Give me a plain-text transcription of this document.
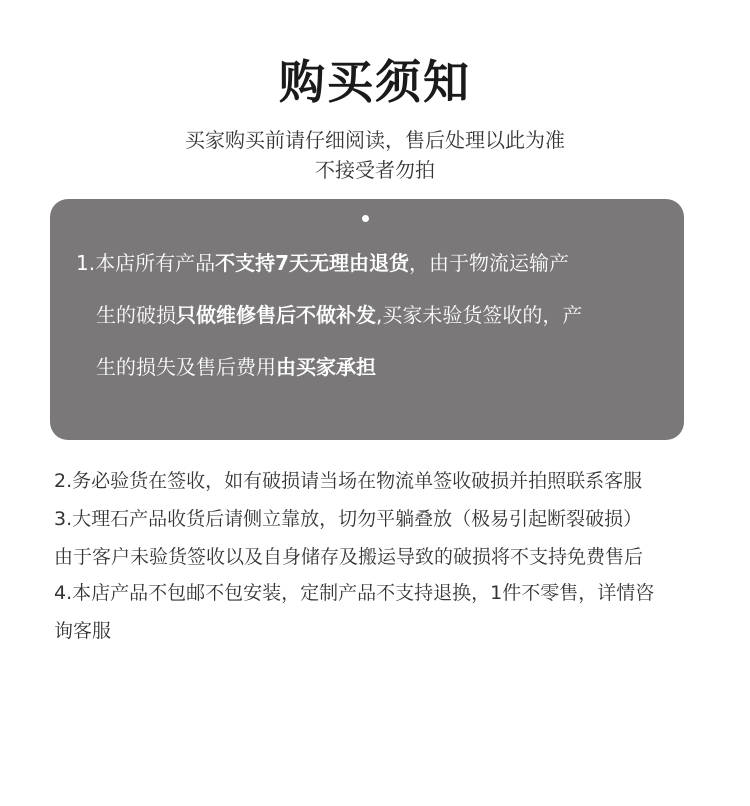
购买须知
买家购买前请仔细阅读，售后处理以此为准
不接受者勿拍
1.本店所有产品不支持7天无理由退货，由于物流运输产
生的破损只做维修售后不做补发,买家未验货签收的，产
生的损失及售后费用由买家承担
2.务必验货在签收，如有破损请当场在物流单签收破损并拍照联系客服
3.大理石产品收货后请侧立靠放，切勿平躺叠放（极易引起断裂破损）
由于客户未验货签收以及自身储存及搬运导致的破损将不支持免费售后
4.本店产品不包邮不包安装，定制产品不支持退换，1件不零售，详情咨
询客服
